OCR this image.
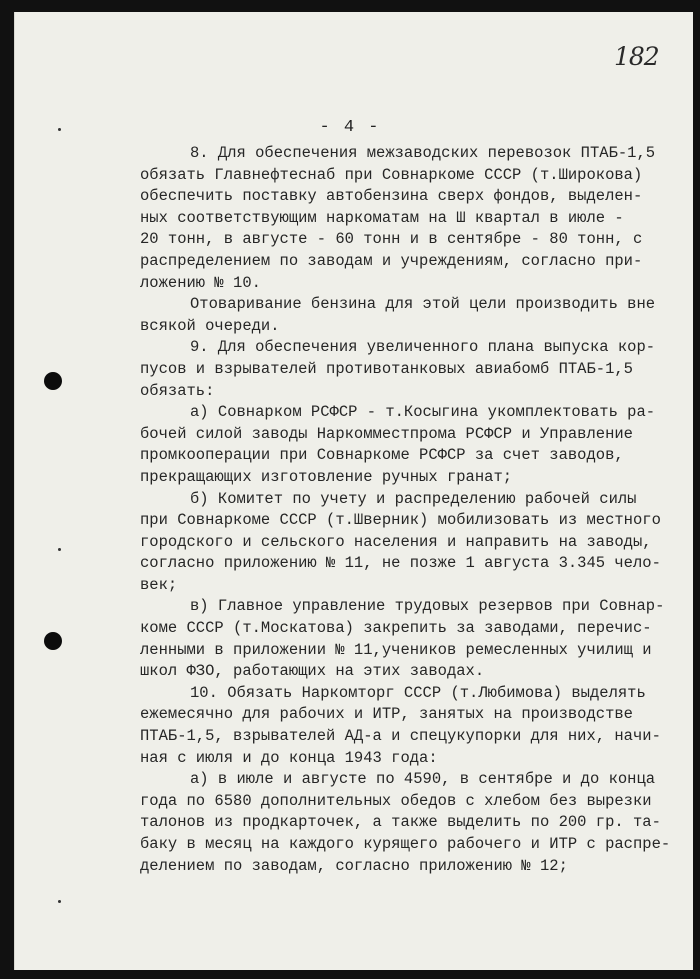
182
- 4 -
8. Для обеспечения межзаводских перевозок ПТАБ-1,5
обязать Главнефтеснаб при Совнаркоме СССР (т.Широкова)
обеспечить поставку автобензина сверх фондов, выделен-
ных соответствующим наркоматам на Ш квартал в июле -
20 тонн, в августе - 60 тонн и в сентябре - 80 тонн, с
распределением по заводам и учреждениям, согласно при-
ложению № 10.
Отоваривание бензина для этой цели производить вне
всякой очереди.
9. Для обеспечения увеличенного плана выпуска кор-
пусов и взрывателей противотанковых авиабомб ПТАБ-1,5
обязать:
а) Совнарком РСФСР - т.Косыгина укомплектовать ра-
бочей силой заводы Наркомместпрома РСФСР и Управление
промкооперации при Совнаркоме РСФСР за счет заводов,
прекращающих изготовление ручных гранат;
б) Комитет по учету и распределению рабочей силы
при Совнаркоме СССР (т.Шверник) мобилизовать из местного
городского и сельского населения и направить на заводы,
согласно приложению № 11, не позже 1 августа 3.345 чело-
век;
в) Главное управление трудовых резервов при Совнар-
коме СССР (т.Москатова) закрепить за заводами, перечис-
ленными в приложении № 11,учеников ремесленных училищ и
школ ФЗО, работающих на этих заводах.
10. Обязать Наркомторг СССР (т.Любимова) выделять
ежемесячно для рабочих и ИТР, занятых на производстве
ПТАБ-1,5, взрывателей АД-а и спецукупорки для них, начи-
ная с июля и до конца 1943 года:
а) в июле и августе по 4590, в сентябре и до конца
года по 6580 дополнительных обедов с хлебом без вырезки
талонов из продкарточек, а также выделить по 200 гр. та-
бaку в месяц на каждого курящего рабочего и ИТР с распре-
делением по заводам, согласно приложению № 12;
